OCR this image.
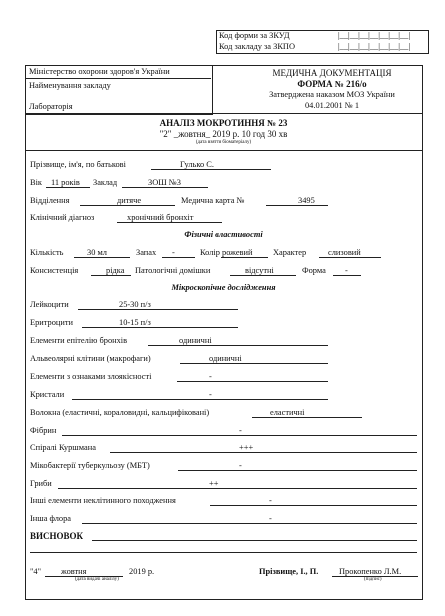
Код форми за ЗКУД	|__|__|__|__|__|__|__|
Код закладу за ЗКПО	|__|__|__|__|__|__|__|
Міністерство охорони здоров'я України
Найменування закладу
Лабораторія
МЕДИЧНА ДОКУМЕНТАЦІЯ
ФОРМА № 216/о
Затверджена наказом МОЗ України
04.01.2001 № 1
АНАЛІЗ МОКРОТИННЯ № 23
"2" _жовтня_ 2019 р. 10 год 30 хв
(дата взяття біоматеріалу)
Прізвище, ім'я, по батькові	Гулько С.
Вік 11 років Заклад	ЗОШ №3
Відділення	дитяче	Медична карта №	3495
Клінічний діагноз	хронічний бронхіт
Фізичні властивості
Кількість	30 мл	Запах -	Колір рожевий Характер	слизовий
Консистенція	рідка Патологічні домішки	відсутні	Форма -
Мікроскопічне дослідження
Лейкоцити	25-30 п/з
Еритроцити	10-15 п/з
Елементи епітелію бронхів	одиничні
Альвеолярні клітини (макрофаги)	одиничні
Елементи з ознаками злоякісності	-
Кристали	-
Волокна (еластичні, кораловидні, кальцифіковані)	еластичні
Фібрин	-
Спіралі Куршмана	+++
Мікобактерії туберкульозу (МБТ)	-
Гриби	++
Інші елементи неклітинного походження	-
Інша флора	-
ВИСНОВОК
"4" жовтня	2019 р.
(дата видачі аналізу)
Прізвище, І., П. Прокопенко Л.М.
(підпис)
